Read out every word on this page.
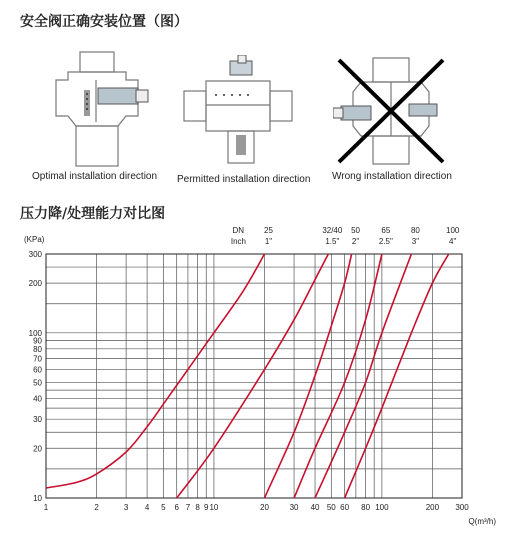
安全阀正确安装位置（图）
Optimal installation direction Permitted installation direction Wrong installation direction
压力降/处理能力对比图
10
20
30
40
50
60
70
80
90
100
200
300
1	2	3 4 5 6 7 8 9 10	20	30 40 50 60 80 100	200 300
(KPa)
Q(m³/h)
DN
Inch
25
1"
32/40
1.5"
50
2"
65
2.5"
80
3"
100
4"
